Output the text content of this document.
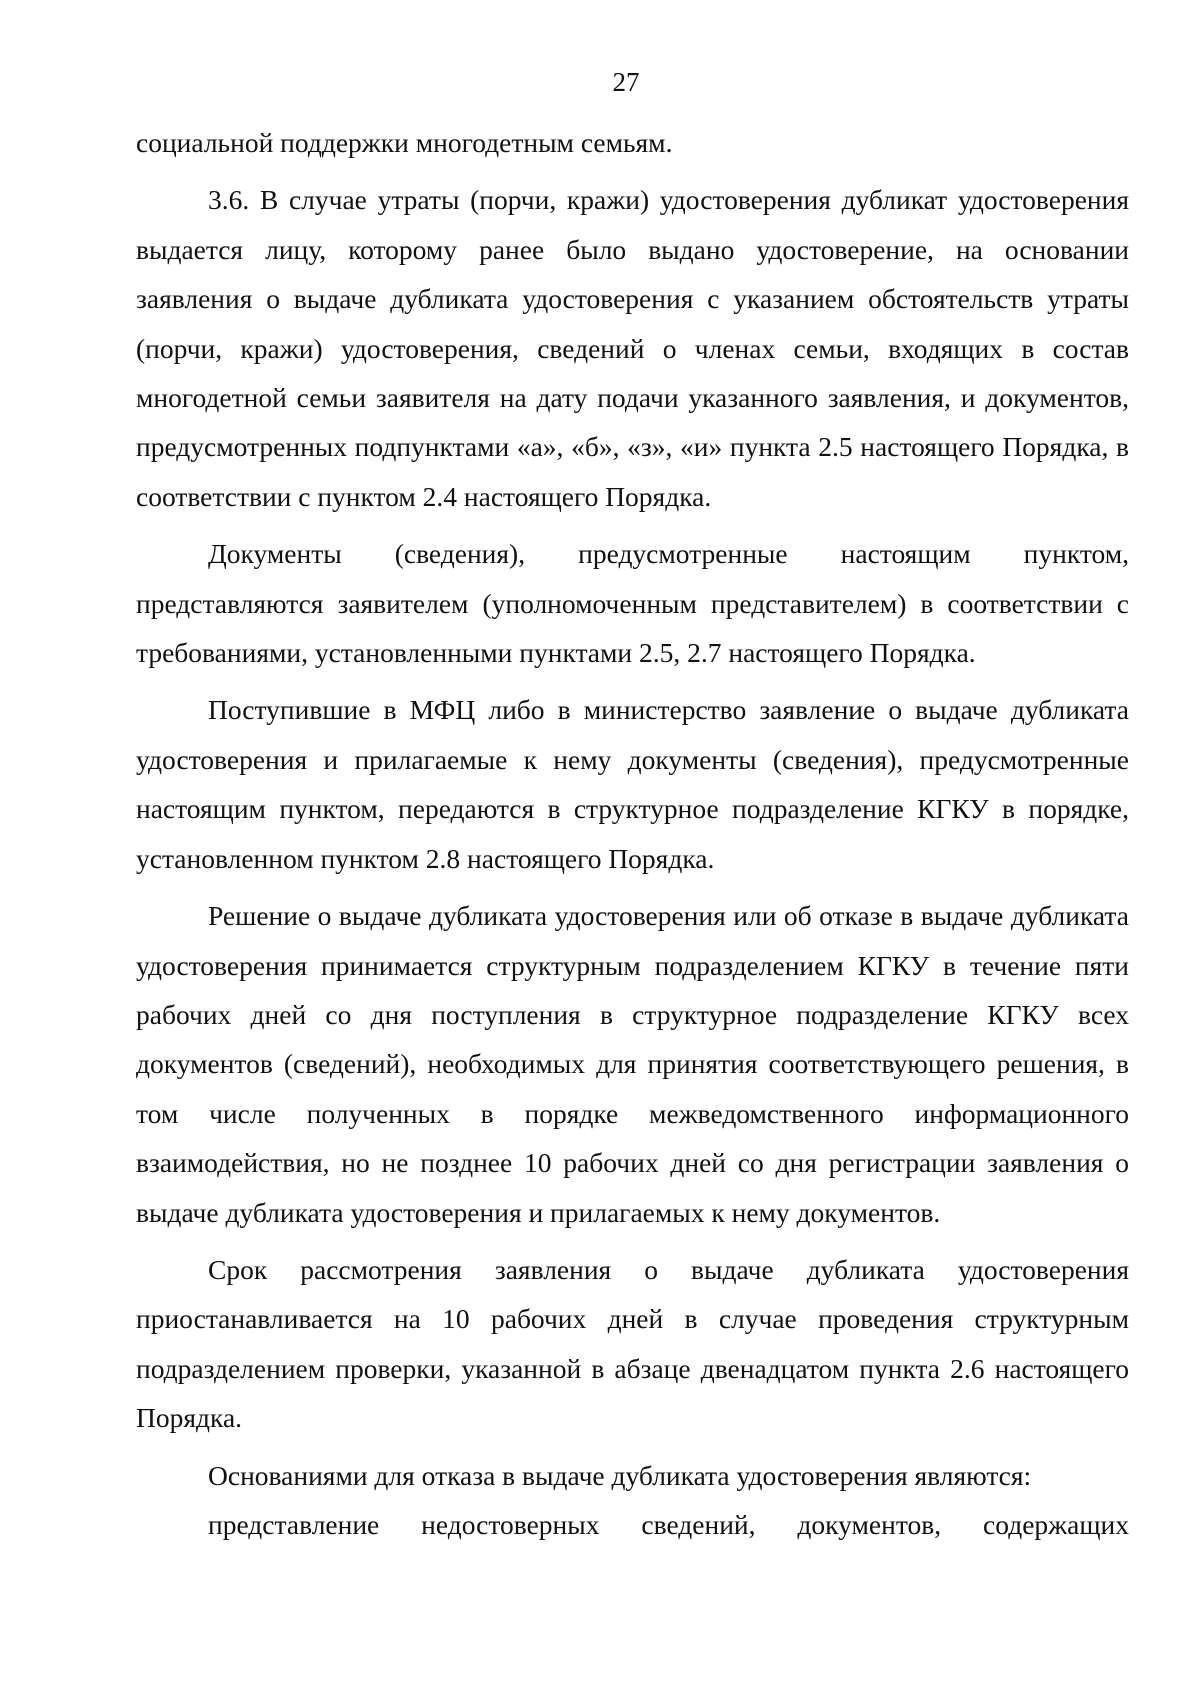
27

социальной поддержки многодетным семьям.

3.6. В случае утраты (порчи, кражи) удостоверения дубликат удостоверения выдается лицу, которому ранее было выдано удостоверение, на основании заявления о выдаче дубликата удостоверения с указанием обстоятельств утраты (порчи, кражи) удостоверения, сведений о членах семьи, входящих в состав многодетной семьи заявителя на дату подачи указанного заявления, и документов, предусмотренных подпунктами «а», «б», «з», «и» пункта 2.5 настоящего Порядка, в соответствии с пунктом 2.4 настоящего Порядка.

Документы (сведения), предусмотренные настоящим пунктом, представляются заявителем (уполномоченным представителем) в соответствии с требованиями, установленными пунктами 2.5, 2.7 настоящего Порядка.

Поступившие в МФЦ либо в министерство заявление о выдаче дубликата удостоверения и прилагаемые к нему документы (сведения), предусмотренные настоящим пунктом, передаются в структурное подразделение КГКУ в порядке, установленном пунктом 2.8 настоящего Порядка.

Решение о выдаче дубликата удостоверения или об отказе в выдаче дубликата удостоверения принимается структурным подразделением КГКУ в течение пяти рабочих дней со дня поступления в структурное подразделение КГКУ всех документов (сведений), необходимых для принятия соответствующего решения, в том числе полученных в порядке межведомственного информационного взаимодействия, но не позднее 10 рабочих дней со дня регистрации заявления о выдаче дубликата удостоверения и прилагаемых к нему документов.

Срок рассмотрения заявления о выдаче дубликата удостоверения приостанавливается на 10 рабочих дней в случае проведения структурным подразделением проверки, указанной в абзаце двенадцатом пункта 2.6 настоящего Порядка.

Основаниями для отказа в выдаче дубликата удостоверения являются:

представление недостоверных сведений, документов, содержащих
